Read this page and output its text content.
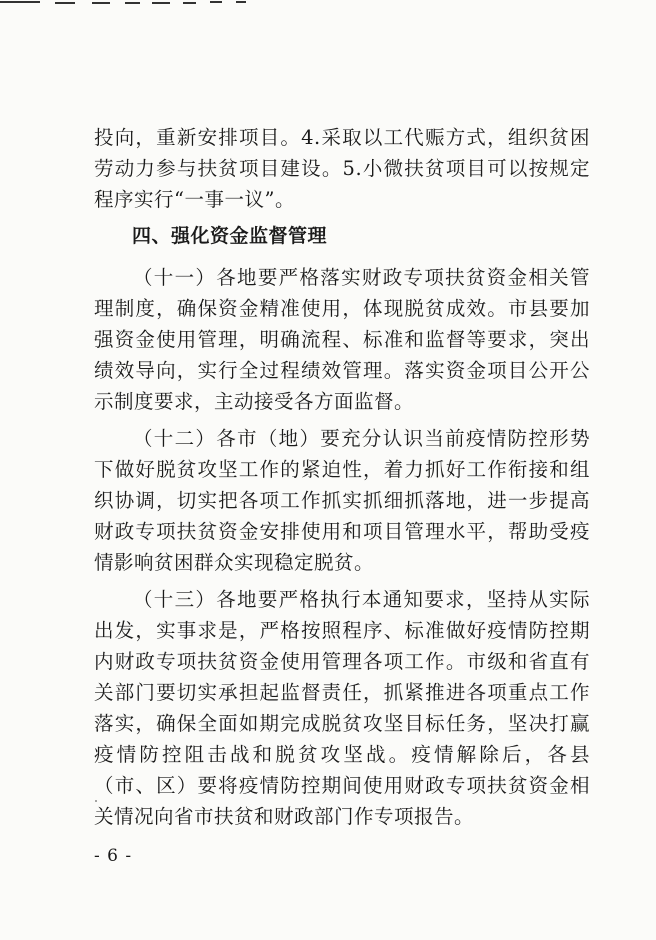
投向，重新安排项目。4.采取以工代赈方式，组织贫困劳动力参与扶贫项目建设。5.小微扶贫项目可以按规定程序实行“一事一议”。

四、强化资金监督管理

（十一）各地要严格落实财政专项扶贫资金相关管理制度，确保资金精准使用，体现脱贫成效。市县要加强资金使用管理，明确流程、标准和监督等要求，突出绩效导向，实行全过程绩效管理。落实资金项目公开公示制度要求，主动接受各方面监督。

（十二）各市（地）要充分认识当前疫情防控形势下做好脱贫攻坚工作的紧迫性，着力抓好工作衔接和组织协调，切实把各项工作抓实抓细抓落地，进一步提高财政专项扶贫资金安排使用和项目管理水平，帮助受疫情影响贫困群众实现稳定脱贫。

（十三）各地要严格执行本通知要求，坚持从实际出发，实事求是，严格按照程序、标准做好疫情防控期内财政专项扶贫资金使用管理各项工作。市级和省直有关部门要切实承担起监督责任，抓紧推进各项重点工作落实，确保全面如期完成脱贫攻坚目标任务，坚决打赢疫情防控阻击战和脱贫攻坚战。疫情解除后，各县（市、区）要将疫情防控期间使用财政专项扶贫资金相关情况向省市扶贫和财政部门作专项报告。

- 6 -
